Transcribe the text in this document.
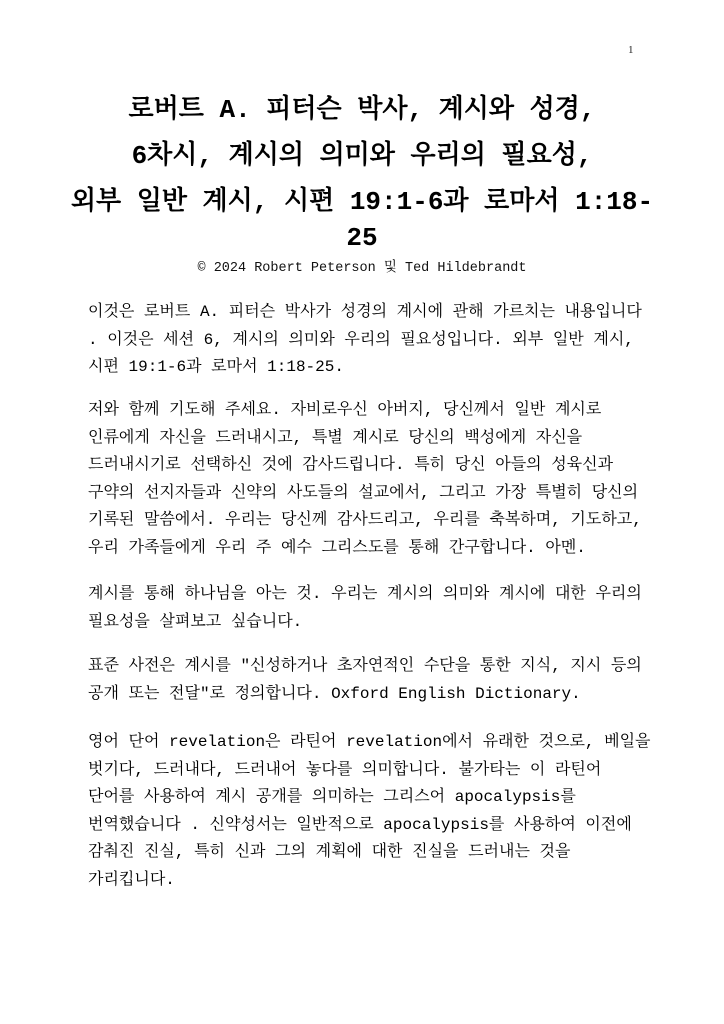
1
로버트 A. 피터슨 박사, 계시와 성경,
6차시, 계시의 의미와 우리의 필요성,
외부 일반 계시, 시편 19:1-6과 로마서 1:18-
25
© 2024 Robert Peterson 및 Ted Hildebrandt
이것은 로버트 A. 피터슨 박사가 성경의 계시에 관해 가르치는 내용입니다
. 이것은 세션 6, 계시의 의미와 우리의 필요성입니다. 외부 일반 계시,
시편 19:1-6과 로마서 1:18-25.
저와 함께 기도해 주세요. 자비로우신 아버지, 당신께서 일반 계시로
인류에게 자신을 드러내시고, 특별 계시로 당신의 백성에게 자신을
드러내시기로 선택하신 것에 감사드립니다. 특히 당신 아들의 성육신과
구약의 선지자들과 신약의 사도들의 설교에서, 그리고 가장 특별히 당신의
기록된 말씀에서. 우리는 당신께 감사드리고, 우리를 축복하며, 기도하고,
우리 가족들에게 우리 주 예수 그리스도를 통해 간구합니다. 아멘.
계시를 통해 하나님을 아는 것. 우리는 계시의 의미와 계시에 대한 우리의
필요성을 살펴보고 싶습니다.
표준 사전은 계시를 "신성하거나 초자연적인 수단을 통한 지식, 지시 등의
공개 또는 전달"로 정의합니다. Oxford English Dictionary.
영어 단어 revelation은 라틴어 revelation에서 유래한 것으로, 베일을
벗기다, 드러내다, 드러내어 놓다를 의미합니다. 불가타는 이 라틴어
단어를 사용하여 계시 공개를 의미하는 그리스어 apocalypsis를
번역했습니다 . 신약성서는 일반적으로 apocalypsis를 사용하여 이전에
감춰진 진실, 특히 신과 그의 계획에 대한 진실을 드러내는 것을
가리킵니다.
